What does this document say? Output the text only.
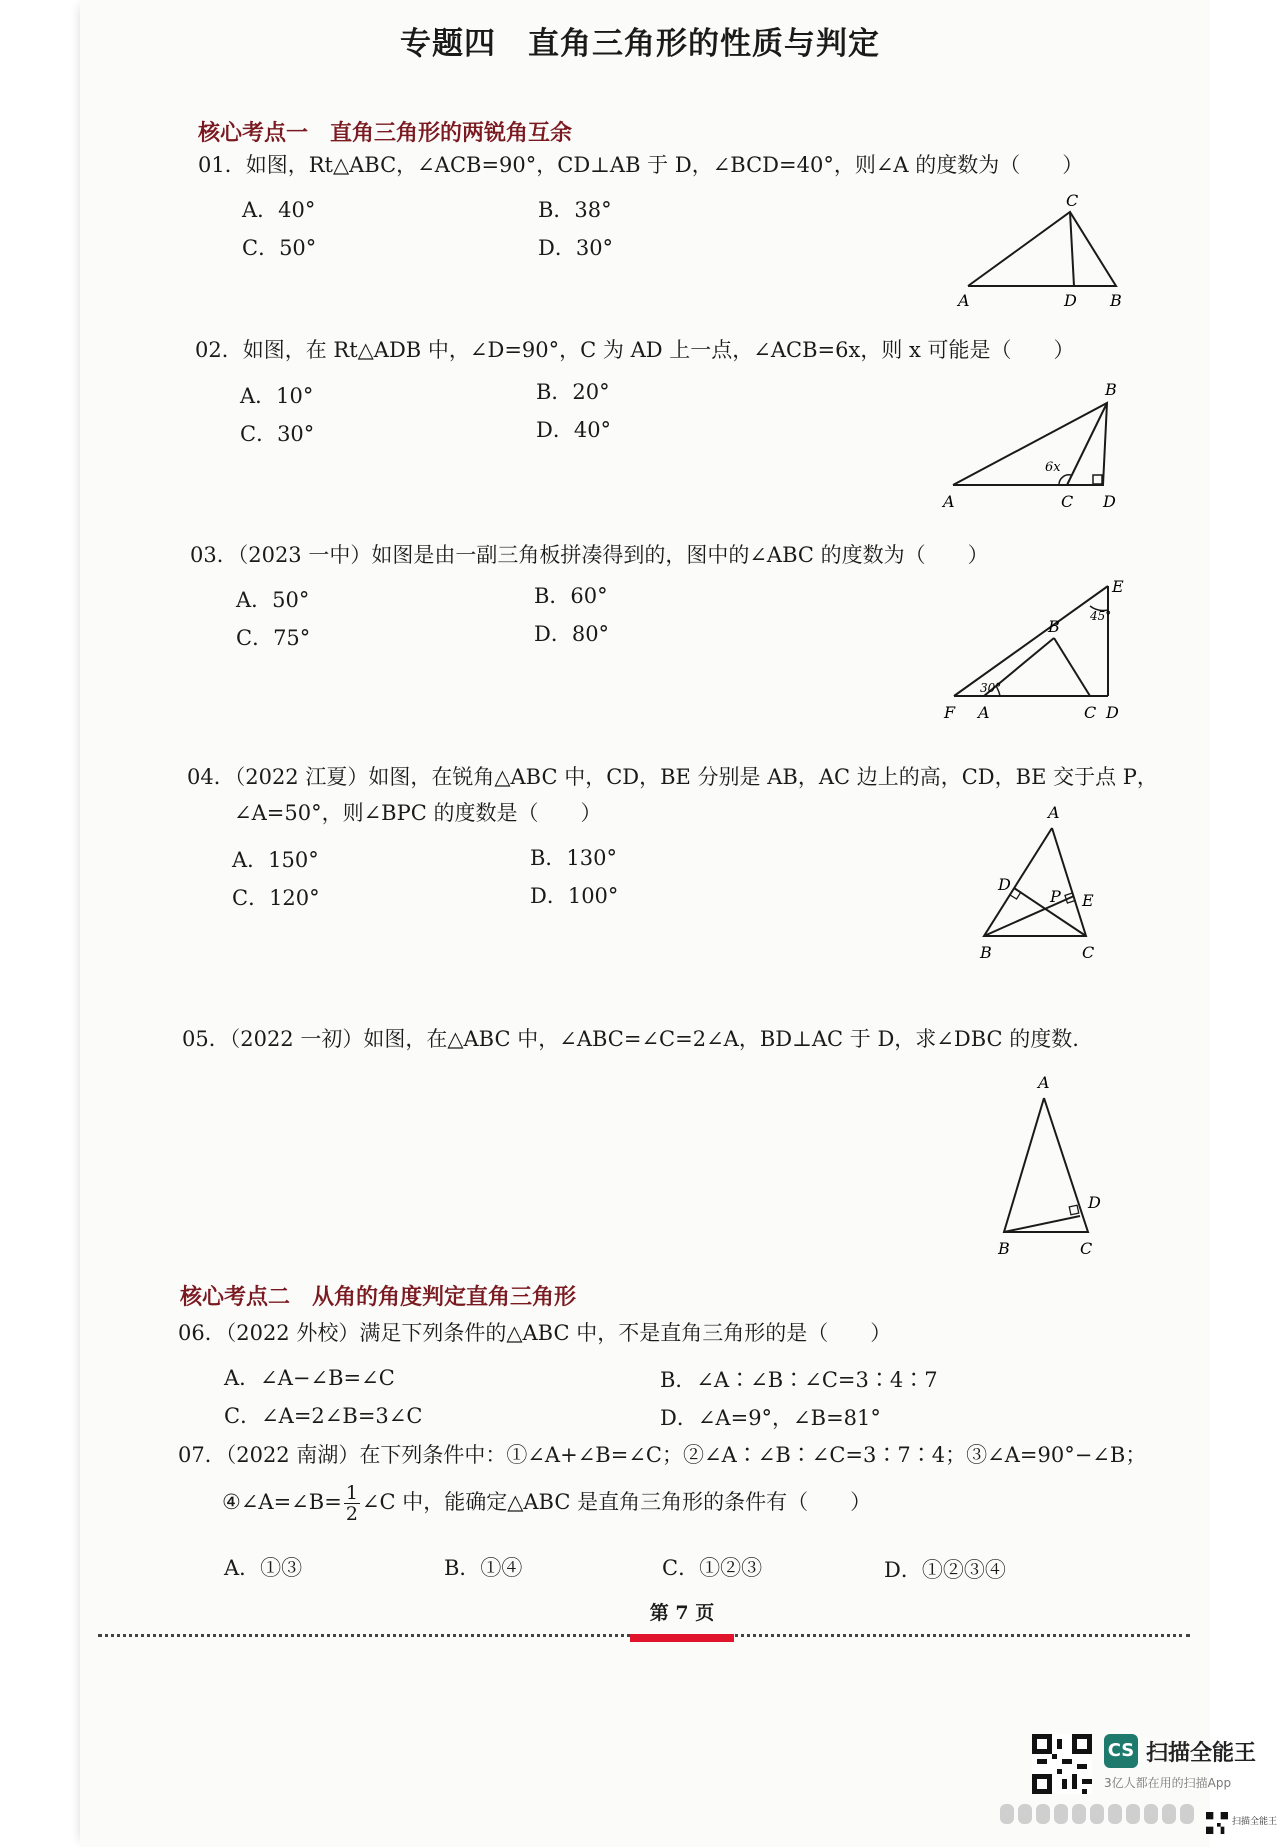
专题四　直角三角形的性质与判定
核心考点一　直角三角形的两锐角互余
01．如图，Rt△ABC，∠ACB=90°，CD⊥AB 于 D，∠BCD=40°，则∠A 的度数为（　　）
A．40°	B．38°
C．50°	D．30°
C
A	D B
02．如图，在 Rt△ADB 中，∠D=90°，C 为 AD 上一点，∠ACB=6x，则 x 可能是（　　）
A．10°	B．20°
C．30°	D．40°
6x
B
A	C D
03．（2023 一中）如图是由一副三角板拼凑得到的，图中的∠ABC 的度数为（　　）
A．50°	B．60°
C．75°	D．80°
45°
30°
E
B
F A	C D
04．（2022 江夏）如图，在锐角△ABC 中，CD，BE 分别是 AB，AC 边上的高，CD，BE 交于点 P，
∠A=50°，则∠BPC 的度数是（　　）
A．150°	B．130°
C．120°	D．100°
A
D
P E
B	C
05．（2022 一初）如图，在△ABC 中，∠ABC=∠C=2∠A，BD⊥AC 于 D，求∠DBC 的度数.
A
D
B	C
核心考点二　从角的角度判定直角三角形
06．（2022 外校）满足下列条件的△ABC 中，不是直角三角形的是（　　）
A．∠A−∠B=∠C	B．∠A∶∠B∶∠C=3∶4∶7
C．∠A=2∠B=3∠C	D．∠A=9°，∠B=81°
07．（2022 南湖）在下列条件中：①∠A+∠B=∠C；②∠A∶∠B∶∠C=3∶7∶4；③∠A=90°−∠B；
④∠A=∠B= $\frac{1}{2}$ ∠C 中，能确定△ABC 是直角三角形的条件有（　　）
A．①③	B．①④	C．①②③	D．①②③④
第 7 页
CS 扫描全能王
3亿人都在用的扫描App
扫描全能王
